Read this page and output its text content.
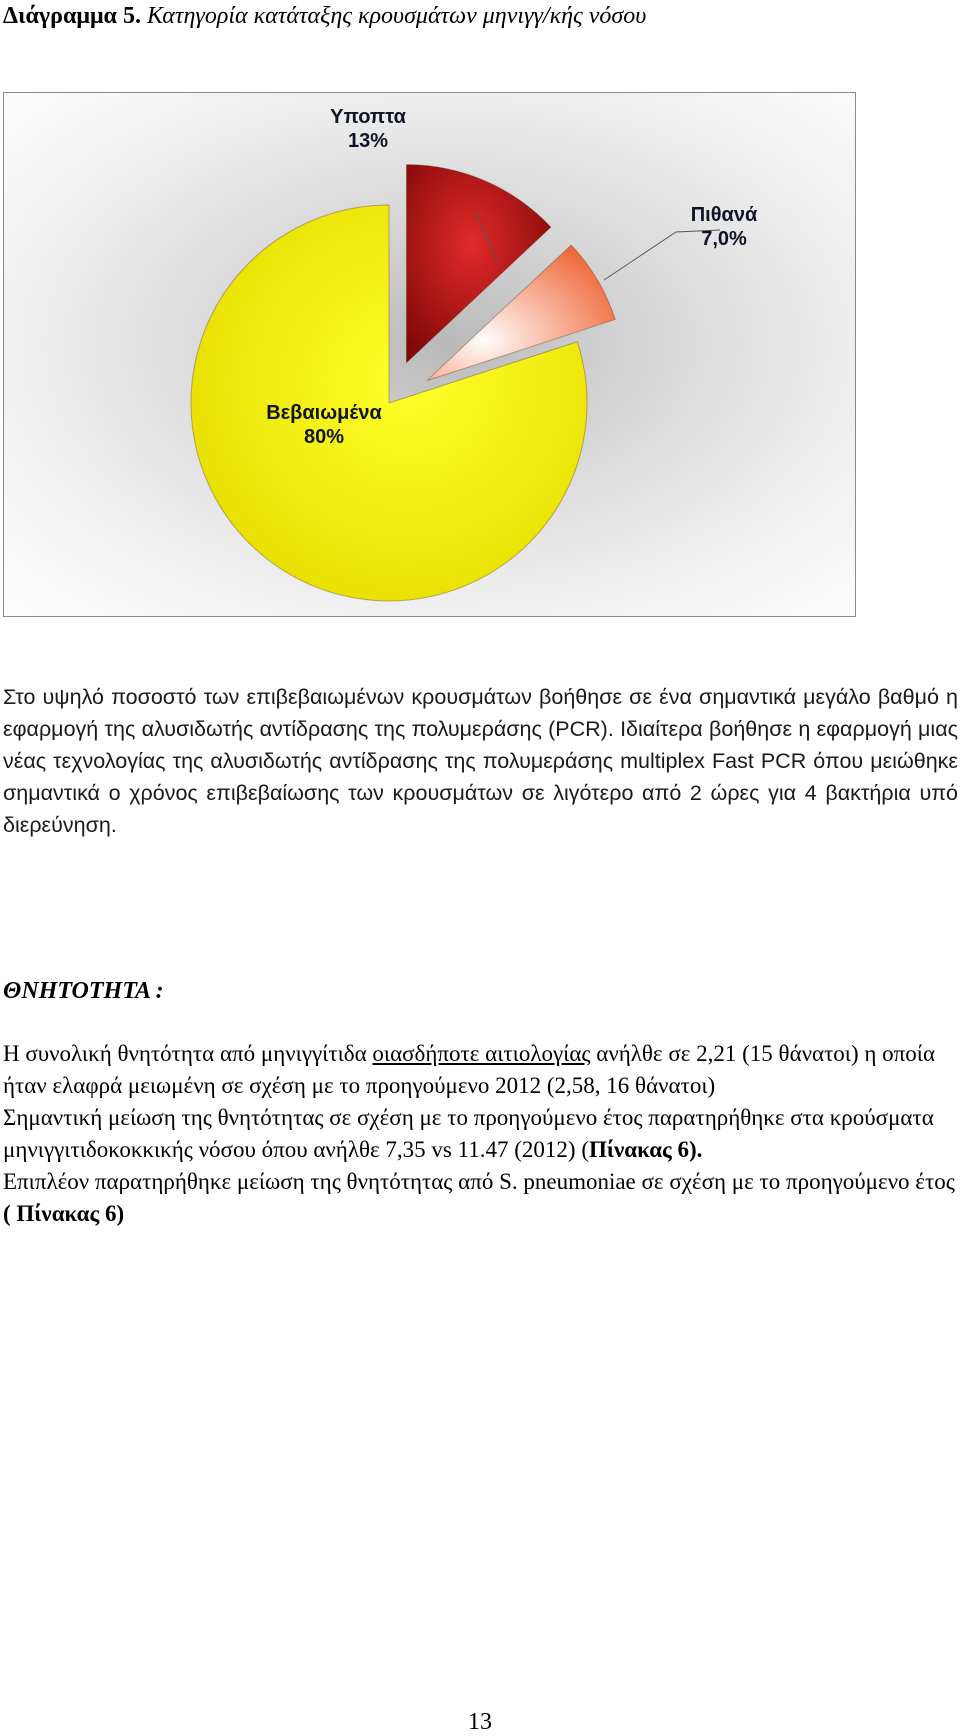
Διάγραμμα 5. Κατηγορία κατάταξης κρουσμάτων μηνιγγ/κής νόσου
Υποπτα
13%
Πιθανά
7,0%
Βεβαιωμένα
80%
Στο υψηλό ποσοστό των επιβεβαιωμένων κρουσμάτων βοήθησε σε ένα σημαντικά μεγάλο βαθμό η εφαρμογή της αλυσιδωτής αντίδρασης της πολυμεράσης (PCR). Ιδιαίτερα βοήθησε η εφαρμογή μιας νέας τεχνολογίας της αλυσιδωτής αντίδρασης της πολυμεράσης multiplex Fast PCR όπου μειώθηκε σημαντικά ο χρόνος επιβεβαίωσης των κρουσμάτων σε λιγότερο από 2 ώρες για 4 βακτήρια υπό διερεύνηση.
ΘΝΗΤΟΤΗΤΑ :

Η συνολική θνητότητα από μηνιγγίτιδα οιασδήποτε αιτιολογίας ανήλθε σε 2,21 (15 θάνατοι) η οποία ήταν ελαφρά μειωμένη σε σχέση με το προηγούμενο 2012 (2,58, 16 θάνατοι)

Σημαντική μείωση της θνητότητας σε σχέση με το προηγούμενο έτος παρατηρήθηκε στα κρούσματα μηνιγγιτιδοκοκκικής νόσου όπου ανήλθε 7,35 vs 11.47 (2012) (Πίνακας 6).

Επιπλέον παρατηρήθηκε μείωση της θνητότητας από S. pneumoniae σε σχέση με το προηγούμενο έτος ( Πίνακας 6)

13
